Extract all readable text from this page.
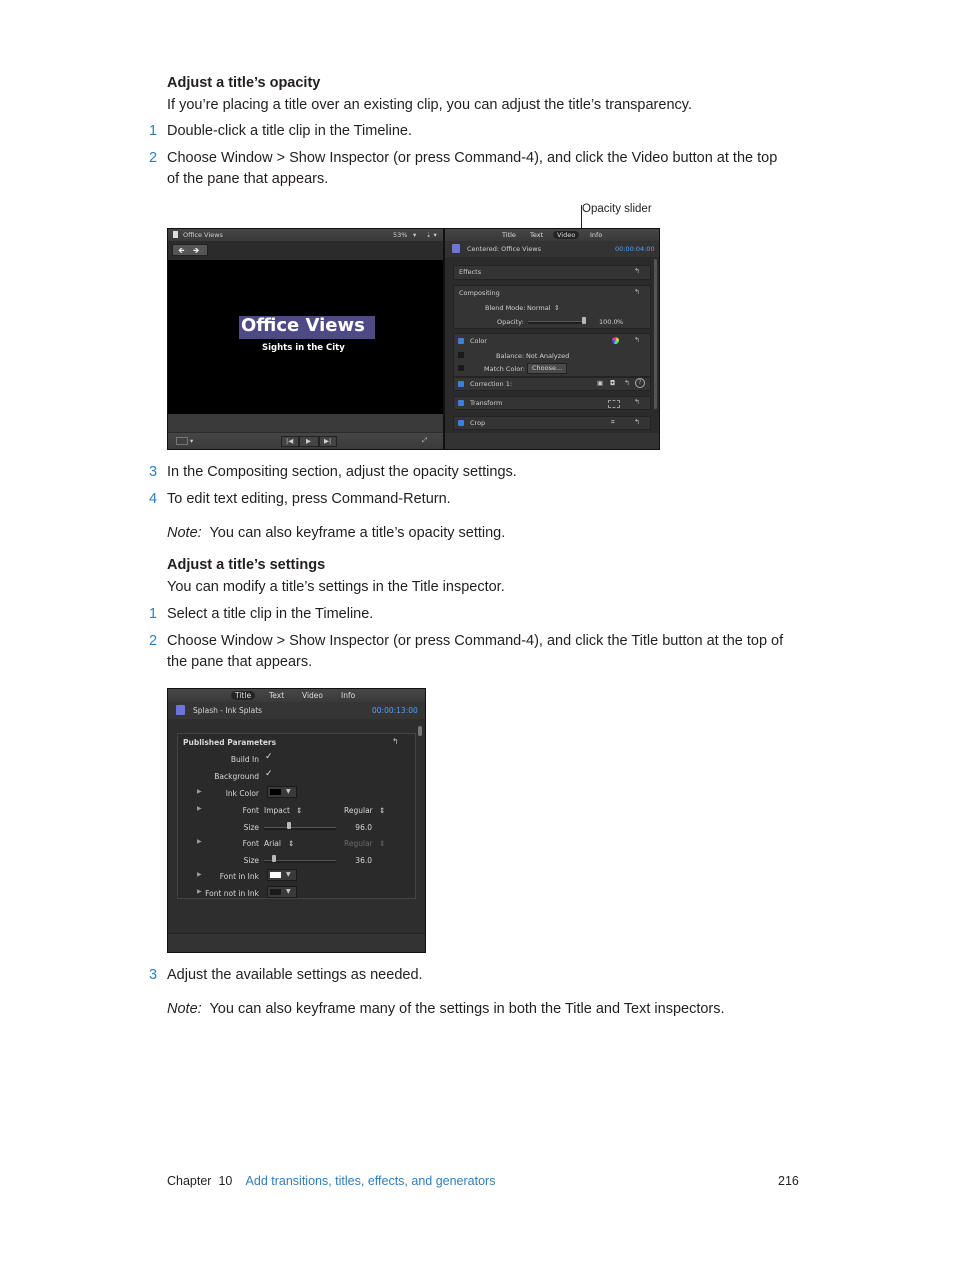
Adjust a title’s opacity
If you’re placing a title over an existing clip, you can adjust the title’s transparency.
1 Double-click a title clip in the Timeline.
2 Choose Window > Show Inspector (or press Command-4), and click the Video button at the top
of the pane that appears.
Opacity slider
Office Views	53% ▾ ⇣ ▾
🡸 🡺
Office Views
Sights in the City
▾	|◀ ▶ ▶|	⤢
Title Text	Video	Info
Centered: Office Views	00:00:04:00
Effects	↰
Compositing	↰
Blend Mode: Normal ⇕
Opacity:	100.0 %
Color	↰
Balance: Not Analyzed
Match Color:	Choose...
Correction 1:	▣ ◘ ↰	?
Transform	↰
Crop	⌗	↰
3 In the Compositing section, adjust the opacity settings.
4 To edit text editing, press Command-Return.
Note: You can also keyframe a title’s opacity setting.
Adjust a title’s settings
You can modify a title’s settings in the Title inspector.
1 Select a title clip in the Timeline.
2 Choose Window > Show Inspector (or press Command-4), and click the Title button at the top of
the pane that appears.
Title	Text Video Info
Splash - Ink Splats	00:00:13:00
Published Parameters	↰
Build In ✓
Background ✓
▶	Ink Color	▼
▶	Font Impact ⇕	Regular ⇕
Size	96.0
▶	Font Arial ⇕	Regular ⇕
Size	36.0
▶	Font in Ink	▼
▶ Font not in Ink	▼
3 Adjust the available settings as needed.
Note: You can also keyframe many of the settings in both the Title and Text inspectors.
Chapter 10 Add transitions, titles, effects, and generators	216
